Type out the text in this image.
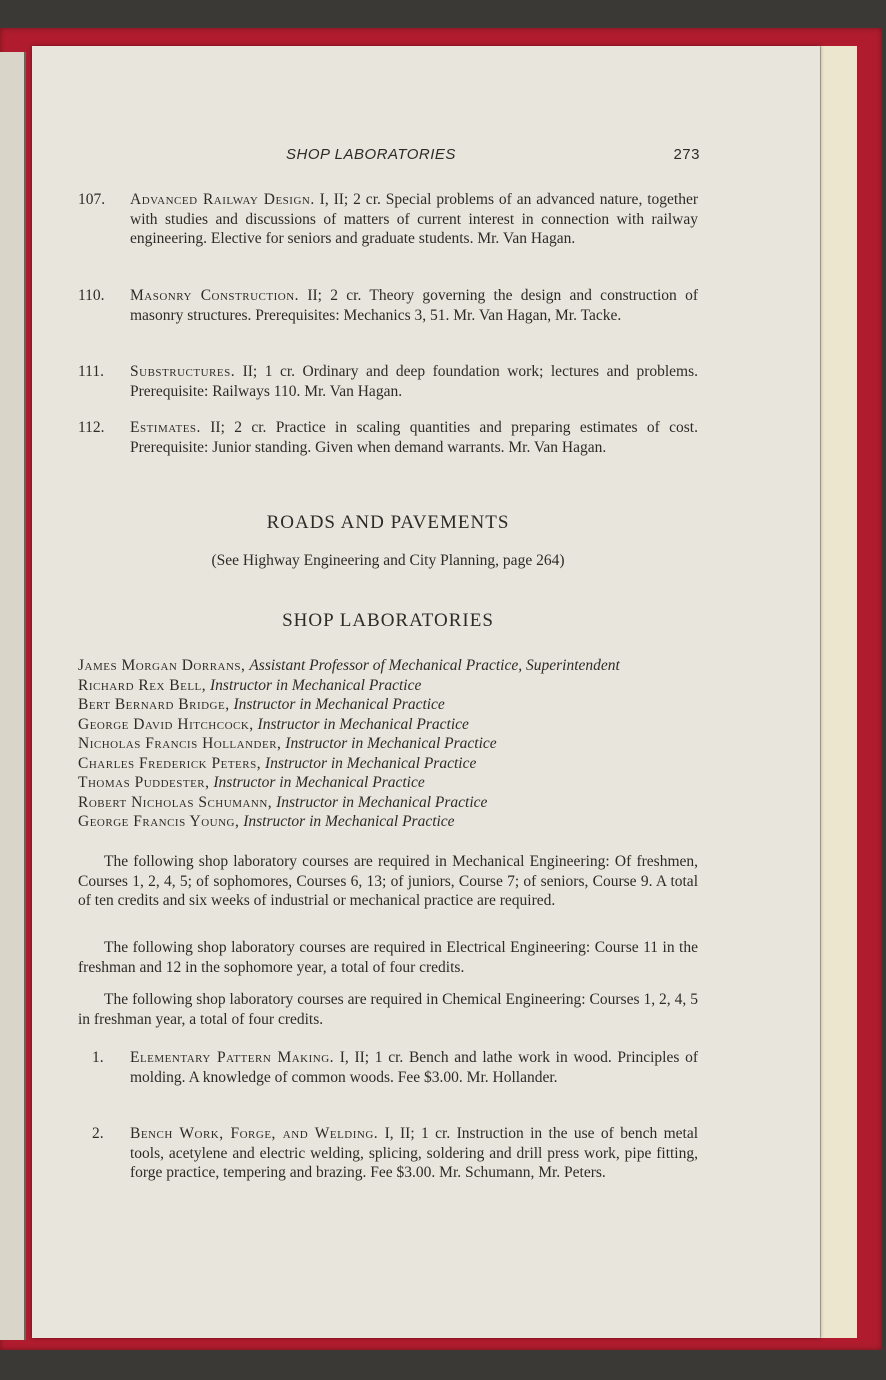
SHOP LABORATORIES	273
107. Advanced Railway Design. I, II; 2 cr. Special problems of an advanced nature, together with studies and discussions of matters of current interest in connection with railway engineering. Elective for seniors and graduate students. Mr. Van Hagan.
110. Masonry Construction. II; 2 cr. Theory governing the design and construction of masonry structures. Prerequisites: Mechanics 3, 51. Mr. Van Hagan, Mr. Tacke.
111. Substructures. II; 1 cr. Ordinary and deep foundation work; lectures and problems. Prerequisite: Railways 110. Mr. Van Hagan.
112. Estimates. II; 2 cr. Practice in scaling quantities and preparing estimates of cost. Prerequisite: Junior standing. Given when demand warrants. Mr. Van Hagan.
ROADS AND PAVEMENTS
(See Highway Engineering and City Planning, page 264)
SHOP LABORATORIES
James Morgan Dorrans, Assistant Professor of Mechanical Practice, Superintendent
Richard Rex Bell, Instructor in Mechanical Practice
Bert Bernard Bridge, Instructor in Mechanical Practice
George David Hitchcock, Instructor in Mechanical Practice
Nicholas Francis Hollander, Instructor in Mechanical Practice
Charles Frederick Peters, Instructor in Mechanical Practice
Thomas Puddester, Instructor in Mechanical Practice
Robert Nicholas Schumann, Instructor in Mechanical Practice
George Francis Young, Instructor in Mechanical Practice
The following shop laboratory courses are required in Mechanical Engineering: Of freshmen, Courses 1, 2, 4, 5; of sophomores, Courses 6, 13; of juniors, Course 7; of seniors, Course 9. A total of ten credits and six weeks of industrial or mechanical practice are required.
The following shop laboratory courses are required in Electrical Engineering: Course 11 in the freshman and 12 in the sophomore year, a total of four credits.
The following shop laboratory courses are required in Chemical Engineering: Courses 1, 2, 4, 5 in freshman year, a total of four credits.
1. Elementary Pattern Making. I, II; 1 cr. Bench and lathe work in wood. Principles of molding. A knowledge of common woods. Fee $3.00. Mr. Hollander.
2. Bench Work, Forge, and Welding. I, II; 1 cr. Instruction in the use of bench metal tools, acetylene and electric welding, splicing, soldering and drill press work, pipe fitting, forge practice, tempering and brazing. Fee $3.00. Mr. Schumann, Mr. Peters.
